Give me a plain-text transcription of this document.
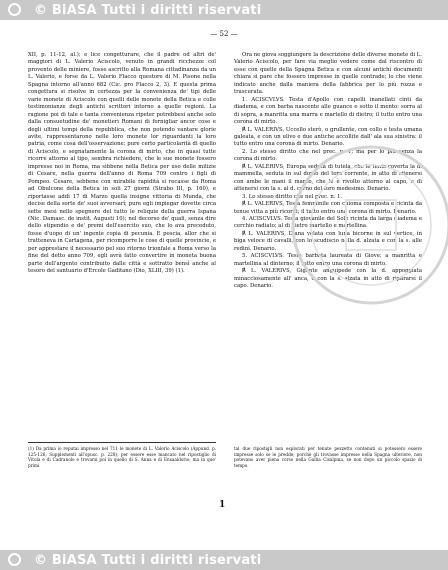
© BiASA Tutti i diritti riservati
— 52 —

XII, p. 11-12, al.); e lice congetturare, che il padre od altri de' maggiori di L. Valerio Aciscolo, venuto in grandi ricchezze col provento delle miniere, fosse ascritto alla Romana cittadinanza da un L. Valerio, e forse da L. Valerio Flacco questore di M. Pisone nella Spagna intorno all'anno 682 (Cic. pro Flacco 2, 3). E questa prima congettura si risolve in certezza per la convenienza de' tipi delle varie monete di Aciscolo con quelli delle monete della Betica e colle testimonianze degli antichi scrittori intorno a quelle regioni. La ragione poi di tale e tanta convenienza ripeter potrebbesi anche solo dalla consuetudine de' monetieri Romani di fornigliar ancor cose e degli ultimi tempi della repubblica, che non potendo vantare glorie avite, rappresentarono nelle loro monete lor riguardanti la loro patria, come cosa dell'osservazione; pure certo particolarità di quello di Aciscolo, e segnatamente la corona di mirto, che in quasi tutte ricorre attorno al tipo, sembra richiedere, che le sue monete fossero impresse noi in Roma, ma sibbene nella Betica per uso delle milizie di Cesare, nella guerra dell'anno di Roma 709 contro i figli di Pompeo. Cesare, sebbene con mirabile rapidità si recasse da Roma ad Obulcone della Betica in soli 27 giorni (Strabo III, p. 160), e riportasse addì 17 di Marzo quella insigne vittoria di Munda, che decise della sorte de' suoi avversarî; pure egli impiegar dovette circa sette mesi nello spegnere del tutto le reliquie della guerra Ispana (Nic. Damasc. de instit. Augusti 10); nel decorso de' quali, senza dire dello stipendio e de' premi dell'esercito suo, che lo ava preceduto, fosse d'uopo di un' ingente copia di pecunia. E poscia, allor che si tratteneva in Cartagena, per ricomporre le cose di quelle provincie, e per apprestare il necessario pel suo ritorno trionfale a Roma verso la fine del detto anno 709, egli avrà fatto convertire in moneta buona parte dell'argento contribuito dalle città e sottratto bensì anche al tesoro del santuario d'Ercole Gaditano (Dio, XLIII, 39) (1).

Ora ne giova soggiungere la descrizione delle diverse monete di L. Valerio Aciscolo, per fare via meglio vedere come dal riscontro di esse con quelle della Spagna Betica e con alcuni antichi documenti chiara si pare che fossero impresse in quelle contrade; lo che viene indicato anche dalla maniera della fabbrica per lo più rozza e trascurata.

1. ACISCVLVS. Testa d'Apollo con capelli inanellati cinti da diadema, e con barba nascente alle guance e sotto il mento: sorra al di sopra, a manritta una marra e martello di dietro; il tutto entro una corona di mirto.

℟ L. VALERIVS. Uccello sterò, o grullente, con collo e testa umana galeata, e con un ulivo e due antiche accollite dall' ala sua sinistra: il tutto entro una corona di mirto. Denario.

2. Lo stesso diritto che nel prec. n. 1; ma per lo più senza la corona di mirto.

℟ L. VALERIVS, Europa seduta di tutela, che le tenia coverta la d. mammella, seduta in sul dorso del toro corrente, in atto di ritenersi con ambe le mani il manto, che le è rivolto attorno al capo, e di attenersi con la s. al d. corno del toro medesimo. Denario.

3. Lo stesso diritto che nel prec. n. 1.

℟ L. VALERIVS, Testa femminile con chioma composta e ricinta da tenue vitta a più ricordi; il tutto entro una corona di mirto. Denario.

4. ACISCVLVS. Testa giovanile del Sole ricinta da larga diadema e cerchio radiato; al di dietro martello e martellina.

℟ L. VALERIVS, Diana velata con luna bicorne in sul vertice, in biga veloce di cavalli, con lo scudiscio nella d. alzata e con la s. alle redini. Denario.

5. ACISCVLVS. Testa barbata laureata di Giove; a manritta e martellina al dinterno; il tutto entro una corona di mirto.

℟ L. VALERIVS, Gigante anguipede con la d. appoggiata minacciosamente all' anca, e con la s. alzata in atto di ripararsi il capo. Denario.

(1) Da prima io reputai impresso nel 711 le monete di L. Valerio Aciscolo (Appund. p. 125-126; Supplementi all'opusc. p. 228), per essere esse mancato nel ripostiglio di Vitola e di Cadranolo e trovarsi poi in quello di S. Anna e di Ensaaldorio; ma in que' primi
tal due ripostigli non esplorati per tenute pezzetto contenuti si potessero essere impresse solo se le predde; porchè gli trovasse impresse nella Spagna ulteriore, non potevano aver piena corso nella Gallia Cisalpina, se non dopo un piccolo spazio di tempo.
1
© BiASA Tutti i diritti riservati
